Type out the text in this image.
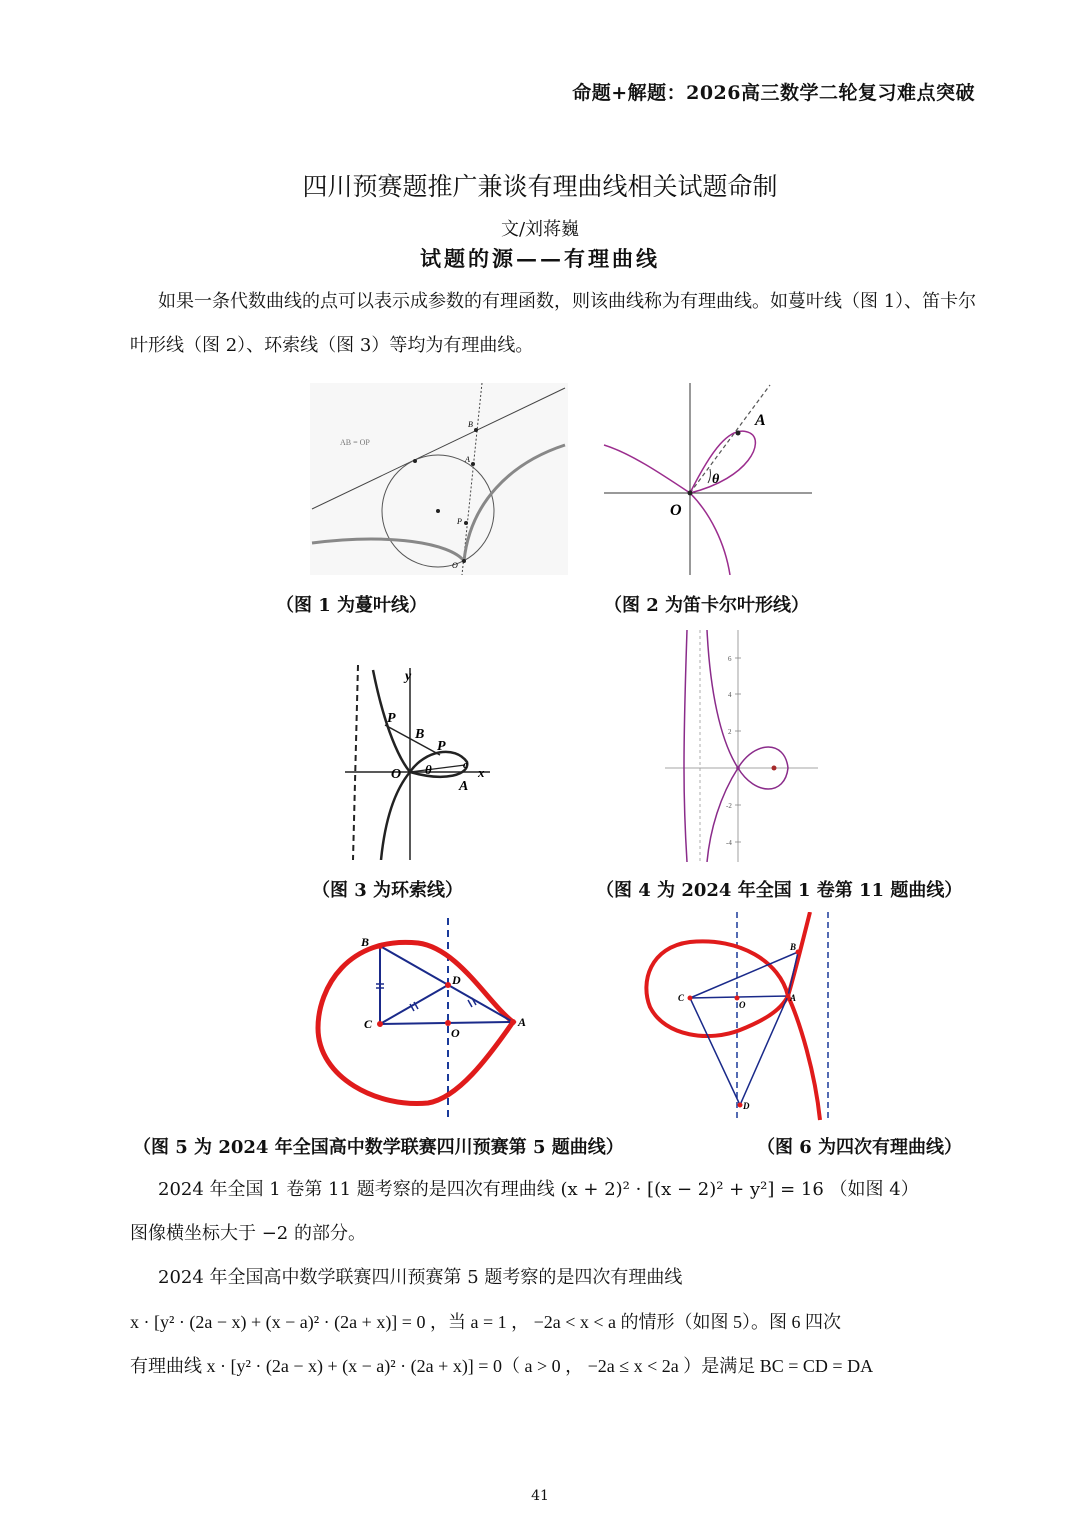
命题+解题：2026高三数学二轮复习难点突破
四川预赛题推广兼谈有理曲线相关试题命制
文/刘蒋巍
试题的源——有理曲线
如果一条代数曲线的点可以表示成参数的有理函数，则该曲线称为有理曲线。如蔓叶线（图 1）、笛卡尔叶形线（图 2）、环索线（图 3）等均为有理曲线。
AB = OP
B
A
P
O
A
θ
O
（图 1 为蔓叶线）	（图 2 为笛卡尔叶形线）
y
P
B
P
O θ
A
x
c
6
4
2
-2
-4
（图 3 为环索线）	（图 4 为 2024 年全国 1 卷第 11 题曲线）
B
D
C
O
A
B
C
O
A
D
（图 5 为 2024 年全国高中数学联赛四川预赛第 5 题曲线）	（图 6 为四次有理曲线）
2024 年全国 1 卷第 11 题考察的是四次有理曲线 (x + 2)² · [(x − 2)² + y²] = 16 （如图 4）
图像横坐标大于 −2 的部分。
2024 年全国高中数学联赛四川预赛第 5 题考察的是四次有理曲线
x · [y² · (2a − x) + (x − a)² · (2a + x)] = 0 ，当 a = 1 ， −2a < x < a 的情形（如图 5）。图 6 四次
有理曲线 x · [y² · (2a − x) + (x − a)² · (2a + x)] = 0（ a > 0 ， −2a ≤ x < 2a ）是满足 BC = CD = DA
41
